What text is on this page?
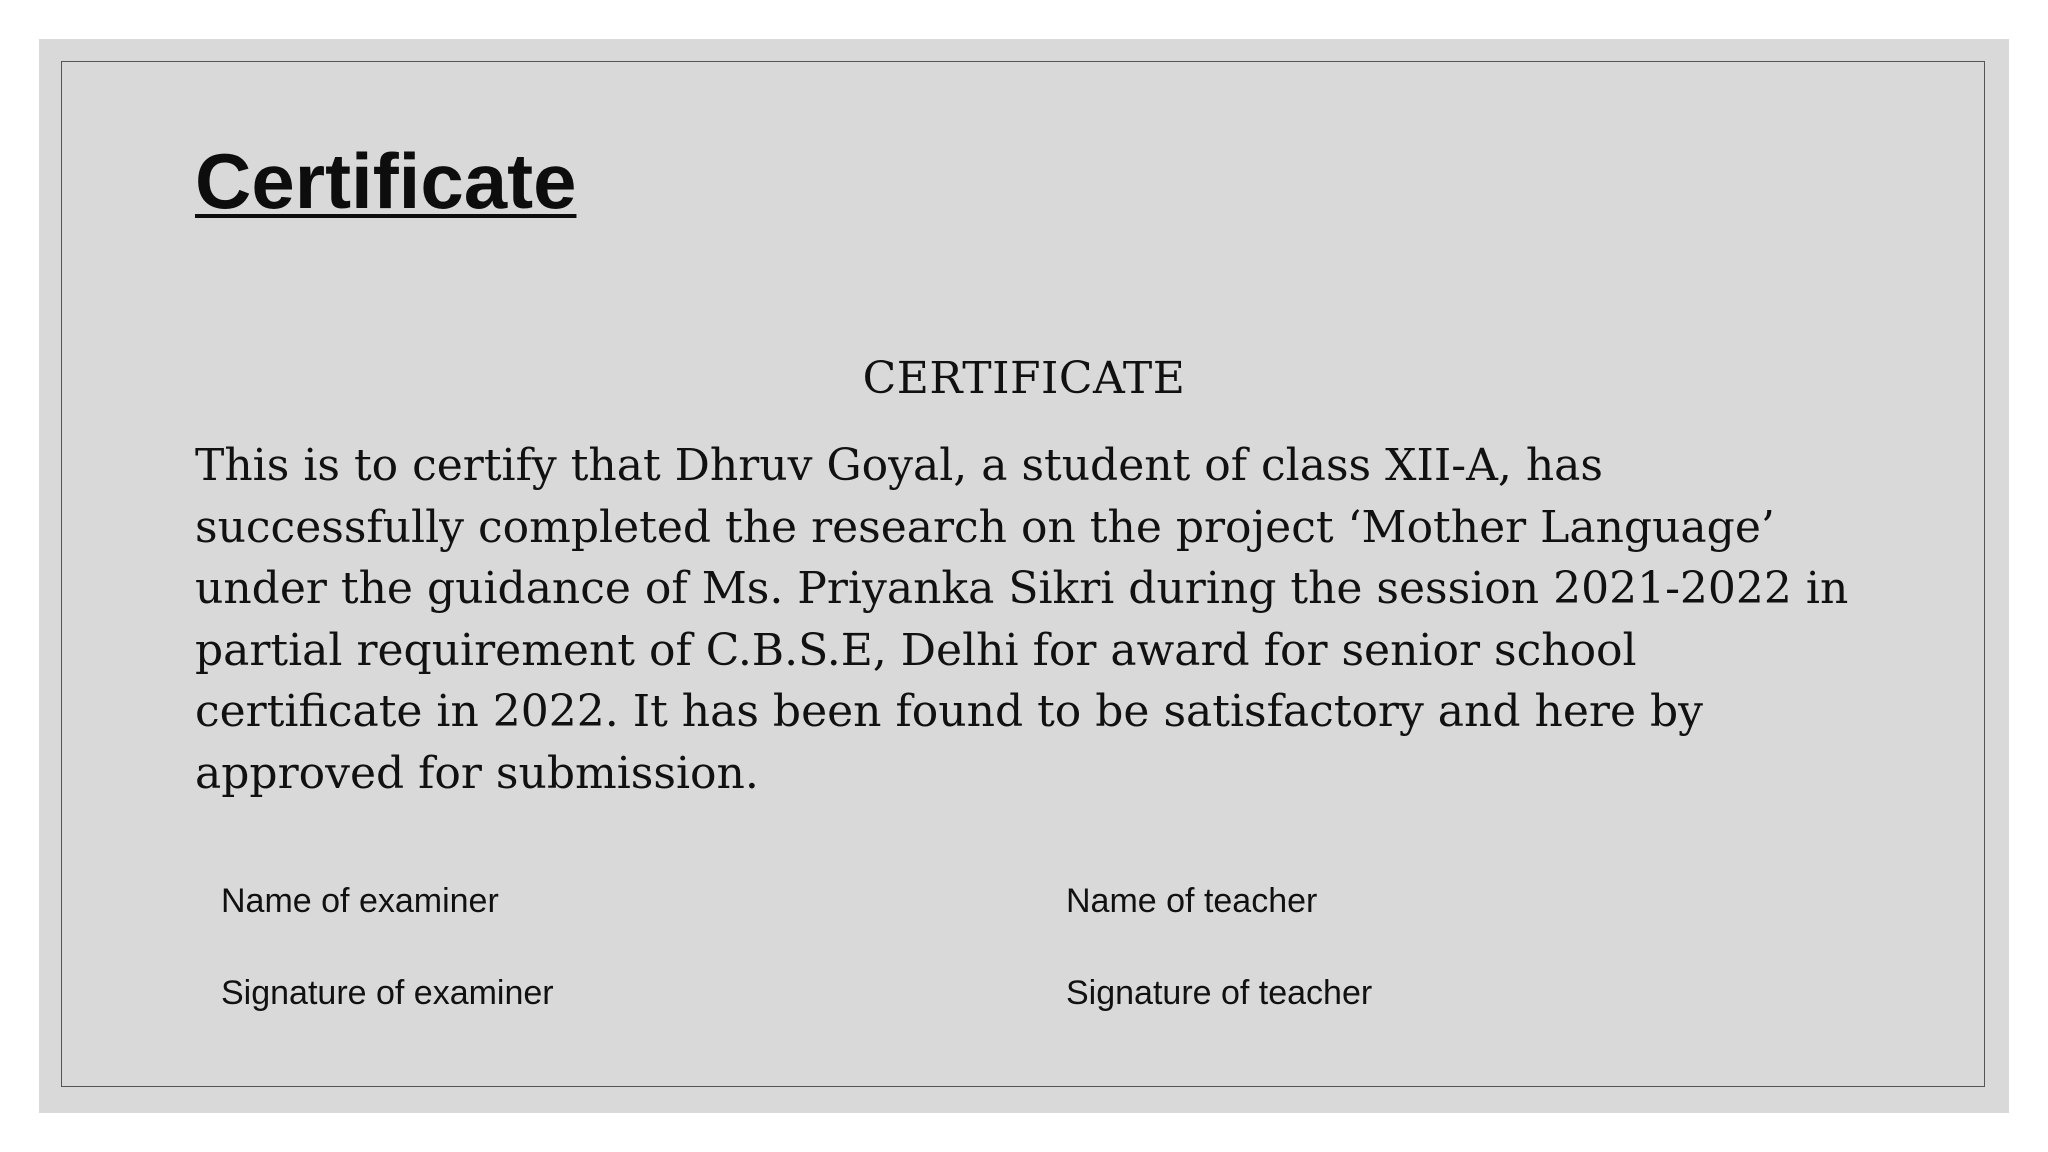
Certificate

CERTIFICATE

This is to certify that Dhruv Goyal, a student of class XII-A, has successfully completed the research on the project ‘Mother Language’ under the guidance of Ms. Priyanka Sikri during the session 2021-2022 in partial requirement of C.B.S.E, Delhi for award for senior school certificate in 2022. It has been found to be satisfactory and here by approved for submission.

Name of examiner

Signature of examiner

Name of teacher

Signature of teacher
